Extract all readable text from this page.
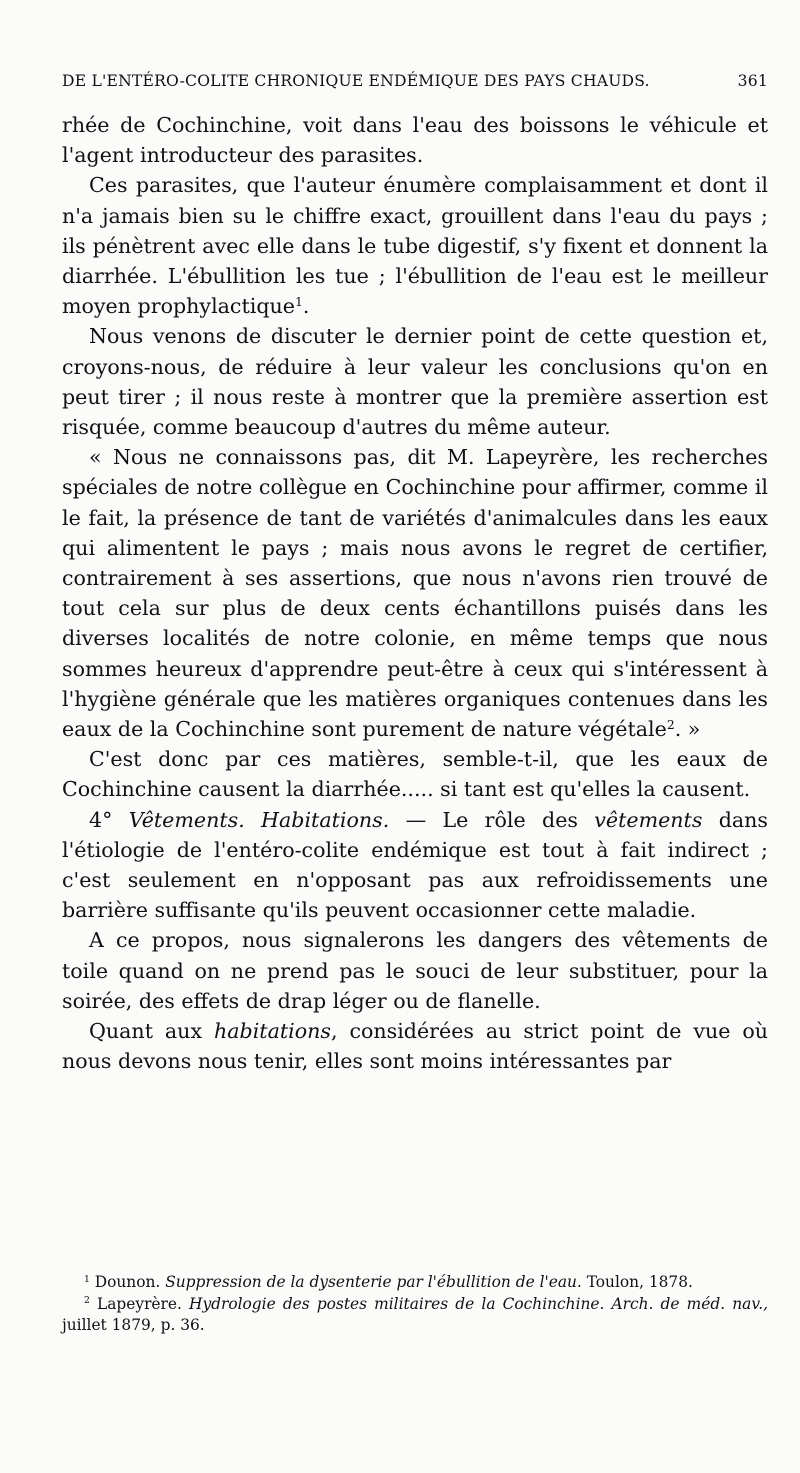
DE L'ENTÉRO-COLITE CHRONIQUE ENDÉMIQUE DES PAYS CHAUDS.	361

rhée de Cochinchine, voit dans l'eau des boissons le véhicule et l'agent introducteur des parasites.

Ces parasites, que l'auteur énumère complaisamment et dont il n'a jamais bien su le chiffre exact, grouillent dans l'eau du pays ; ils pénètrent avec elle dans le tube digestif, s'y fixent et donnent la diarrhée. L'ébullition les tue ; l'ébullition de l'eau est le meilleur moyen prophylactique$^1$.

Nous venons de discuter le dernier point de cette question et, croyons-nous, de réduire à leur valeur les conclusions qu'on en peut tirer ; il nous reste à montrer que la première assertion est risquée, comme beaucoup d'autres du même auteur.

« Nous ne connaissons pas, dit M. Lapeyrère, les recherches spéciales de notre collègue en Cochinchine pour affirmer, comme il le fait, la présence de tant de variétés d'animalcules dans les eaux qui alimentent le pays ; mais nous avons le regret de certifier, contrairement à ses assertions, que nous n'avons rien trouvé de tout cela sur plus de deux cents échantillons puisés dans les diverses localités de notre colonie, en même temps que nous sommes heureux d'apprendre peut-être à ceux qui s'intéressent à l'hygiène générale que les matières organiques contenues dans les eaux de la Cochinchine sont purement de nature végétale$^2$. »

C'est donc par ces matières, semble-t-il, que les eaux de Cochinchine causent la diarrhée..... si tant est qu'elles la causent.

4° Vêtements. Habitations. — Le rôle des vêtements dans l'étiologie de l'entéro-colite endémique est tout à fait indirect ; c'est seulement en n'opposant pas aux refroidissements une barrière suffisante qu'ils peuvent occasionner cette maladie.

A ce propos, nous signalerons les dangers des vêtements de toile quand on ne prend pas le souci de leur substituer, pour la soirée, des effets de drap léger ou de flanelle.

Quant aux habitations, considérées au strict point de vue où nous devons nous tenir, elles sont moins intéressantes par

$^1$ Dounon. Suppression de la dysenterie par l'ébullition de l'eau. Toulon, 1878.

$^2$ Lapeyrère. Hydrologie des postes militaires de la Cochinchine. Arch. de méd. nav., juillet 1879, p. 36.
